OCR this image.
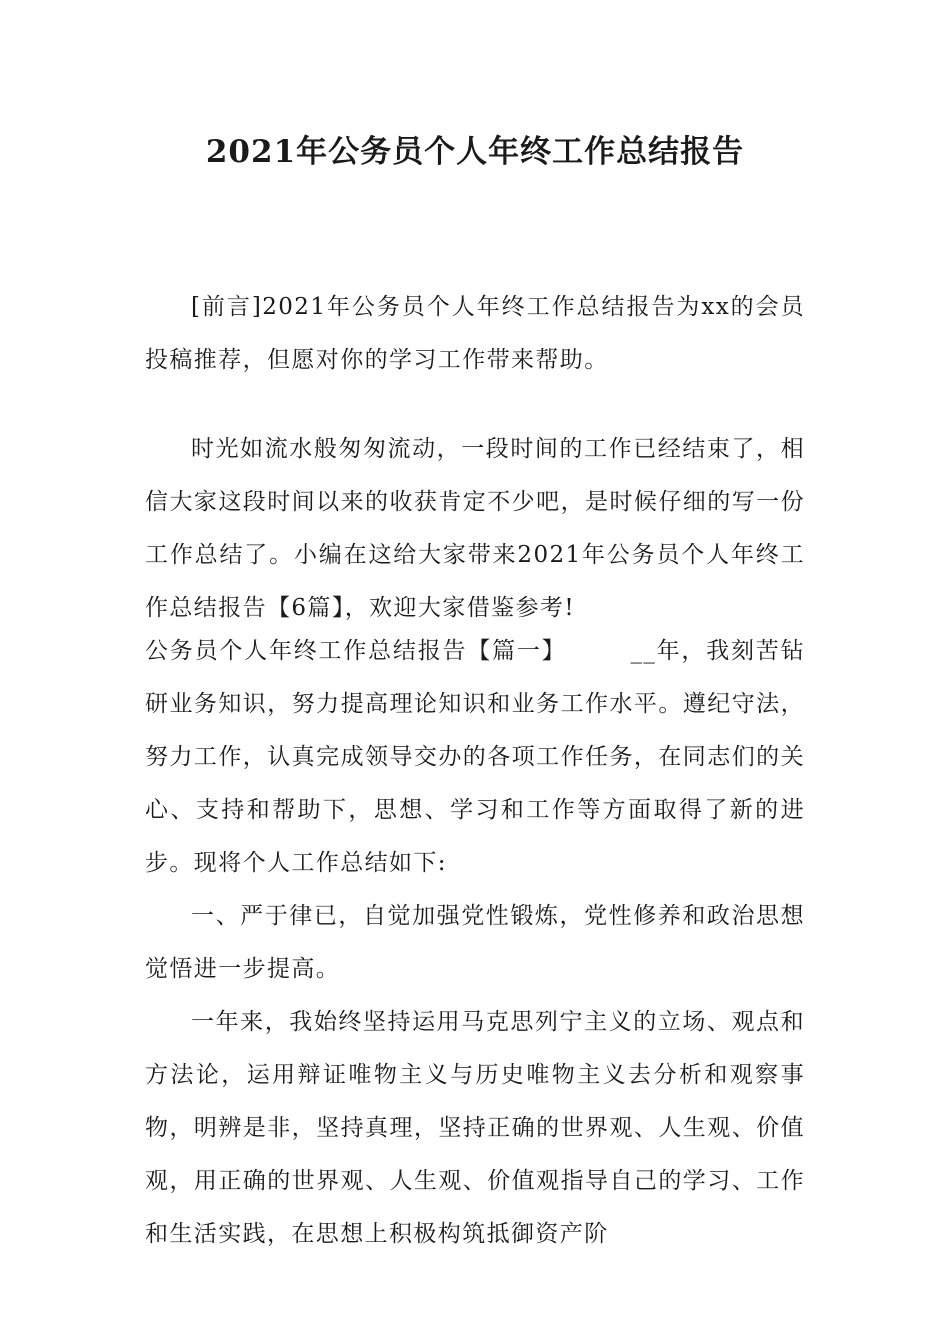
2021年公务员个人年终工作总结报告

[前言]2021年公务员个人年终工作总结报告为xx的会员投稿推荐，但愿对你的学习工作带来帮助。

时光如流水般匆匆流动，一段时间的工作已经结束了，相信大家这段时间以来的收获肯定不少吧，是时候仔细的写一份工作总结了。小编在这给大家带来2021年公务员个人年终工作总结报告【6篇】，欢迎大家借鉴参考!

公务员个人年终工作总结报告【篇一】	__年，我刻苦钻研业务知识，努力提高理论知识和业务工作水平。遵纪守法，努力工作，认真完成领导交办的各项工作任务，在同志们的关心、支持和帮助下，思想、学习和工作等方面取得了新的进步。现将个人工作总结如下:

一、严于律已，自觉加强党性锻炼，党性修养和政治思想觉悟进一步提高。

一年来，我始终坚持运用马克思列宁主义的立场、观点和方法论，运用辩证唯物主义与历史唯物主义去分析和观察事物，明辨是非，坚持真理，坚持正确的世界观、人生观、价值观，用正确的世界观、人生观、价值观指导自己的学习、工作和生活实践，在思想上积极构筑抵御资产阶
